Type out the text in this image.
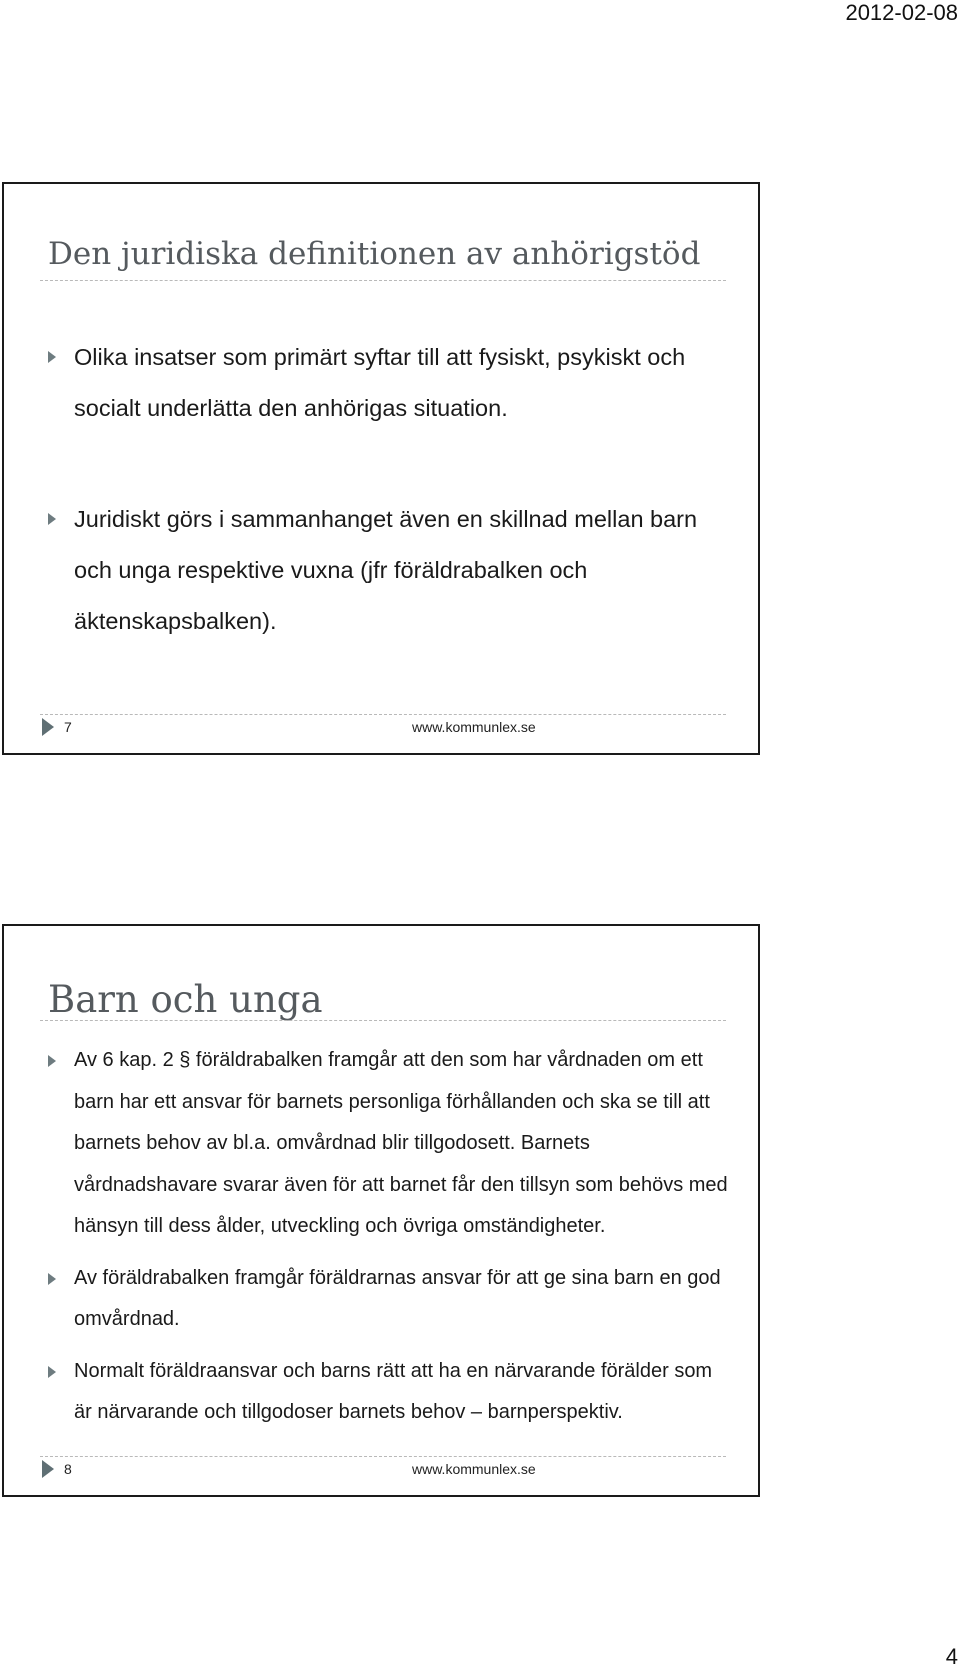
2012-02-08
Den juridiska definitionen av anhörigstöd
Olika insatser som primärt syftar till att fysiskt, psykiskt och socialt underlätta den anhörigas situation.
Juridiskt görs i sammanhanget även en skillnad mellan barn och unga respektive vuxna (jfr föräldrabalken och äktenskapsbalken).
7	www.kommunlex.se
Barn och unga
Av 6 kap. 2 § föräldrabalken framgår att den som har vårdnaden om ett barn har ett ansvar för barnets personliga förhållanden och ska se till att barnets behov av bl.a. omvårdnad blir tillgodosett. Barnets vårdnadshavare svarar även för att barnet får den tillsyn som behövs med hänsyn till dess ålder, utveckling och övriga omständigheter.
Av föräldrabalken framgår föräldrarnas ansvar för att ge sina barn en god omvårdnad.
Normalt föräldraansvar och barns rätt att ha en närvarande förälder som är närvarande och tillgodoser barnets behov – barnperspektiv.
8	www.kommunlex.se
4
